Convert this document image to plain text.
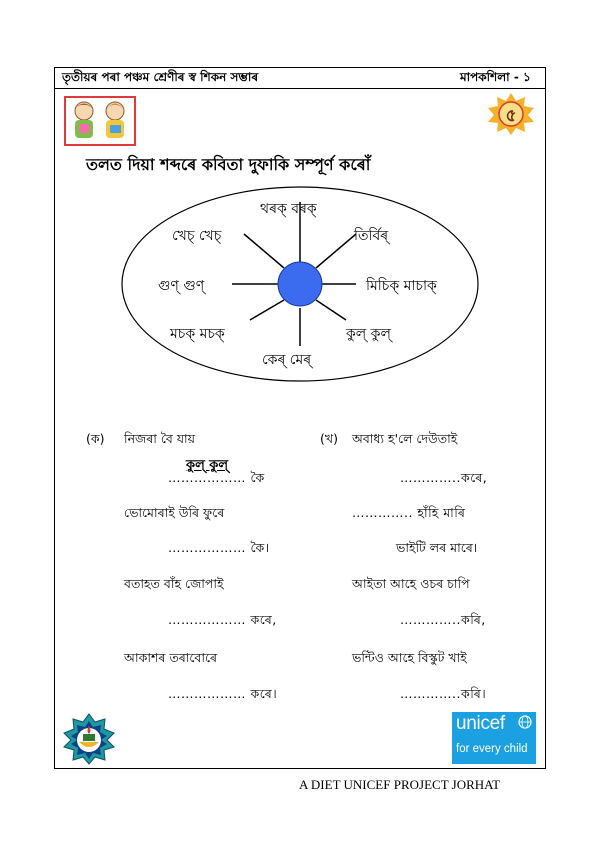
তৃতীয়ৰ পৰা পঞ্চম শ্ৰেণীৰ স্ব শিকন সম্ভাৰ	মাপকশিলা - ১
৫
তলত দিয়া শব্দৰে কবিতা দুফাকি সম্পূৰ্ণ কৰোঁ
থৰক্ বৰক্
খেচ্ খেচ্	তিৰ্বিৰ্
গুণ্ গুণ্	মিচিক্ মাচাক্
মচক্ মচক্	কুল্ কুল্
কেৰ্ মেৰ্
(ক) নিজৰা বৈ যায়
কুল্ কুল্
……………… কৈ
ভোমোৰাই উৰি ফুৰে
……………… কৈ।
বতাহত বাঁহ জোপাই
……………… কৰে,
আকাশৰ তৰাবোৰে
……………… কৰে।
(খ) অবাধ্য হ'লে দেউতাই
…………..কৰে,
………….. হাঁহি মাৰি
ভাইটি লৰ মাৰে।
আইতা আহে ওচৰ চাপি
…………..কৰি,
ভন্টিও আহে বিস্কুট খাই
…………..কৰি।
unicef
for every child
A DIET UNICEF PROJECT JORHAT
